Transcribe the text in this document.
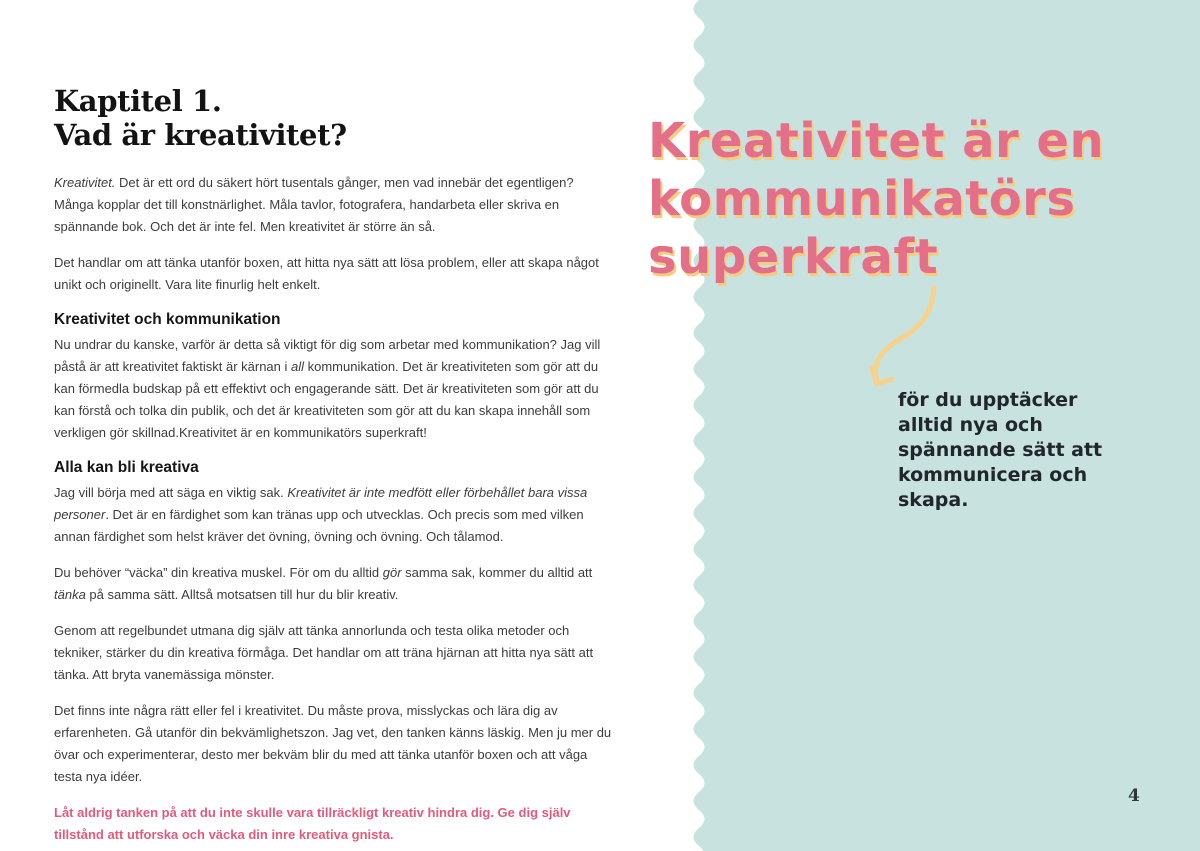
Kaptitel 1.
Vad är kreativitet?

Kreativitet. Det är ett ord du säkert hört tusentals gånger, men vad innebär det egentligen? Många kopplar det till konstnärlighet. Måla tavlor, fotografera, handarbeta eller skriva en spännande bok. Och det är inte fel. Men kreativitet är större än så.

Det handlar om att tänka utanför boxen, att hitta nya sätt att lösa problem, eller att skapa något unikt och originellt. Vara lite finurlig helt enkelt.

Kreativitet och kommunikation

Nu undrar du kanske, varför är detta så viktigt för dig som arbetar med kommunikation? Jag vill påstå är att kreativitet faktiskt är kärnan i all kommunikation. Det är kreativiteten som gör att du kan förmedla budskap på ett effektivt och engagerande sätt. Det är kreativiteten som gör att du kan förstå och tolka din publik, och det är kreativiteten som gör att du kan skapa innehåll som verkligen gör skillnad.Kreativitet är en kommunikatörs superkraft!

Alla kan bli kreativa

Jag vill börja med att säga en viktig sak. Kreativitet är inte medfött eller förbehållet bara vissa personer. Det är en färdighet som kan tränas upp och utvecklas. Och precis som med vilken annan färdighet som helst kräver det övning, övning och övning. Och tålamod.

Du behöver “väcka” din kreativa muskel. För om du alltid gör samma sak, kommer du alltid att tänka på samma sätt. Alltså motsatsen till hur du blir kreativ.

Genom att regelbundet utmana dig själv att tänka annorlunda och testa olika metoder och tekniker, stärker du din kreativa förmåga. Det handlar om att träna hjärnan att hitta nya sätt att tänka. Att bryta vanemässiga mönster.

Det finns inte några rätt eller fel i kreativitet. Du måste prova, misslyckas och lära dig av erfarenheten. Gå utanför din bekvämlighetszon. Jag vet, den tanken känns läskig. Men ju mer du övar och experimenterar, desto mer bekväm blir du med att tänka utanför boxen och att våga testa nya idéer.

Låt aldrig tanken på att du inte skulle vara tillräckligt kreativ hindra dig. Ge dig själv tillstånd att utforska och väcka din inre kreativa gnista.

Kreativitet är en
kommunikatörs
superkraft
för du upptäcker alltid nya och spännande sätt att kommunicera och skapa.
4
